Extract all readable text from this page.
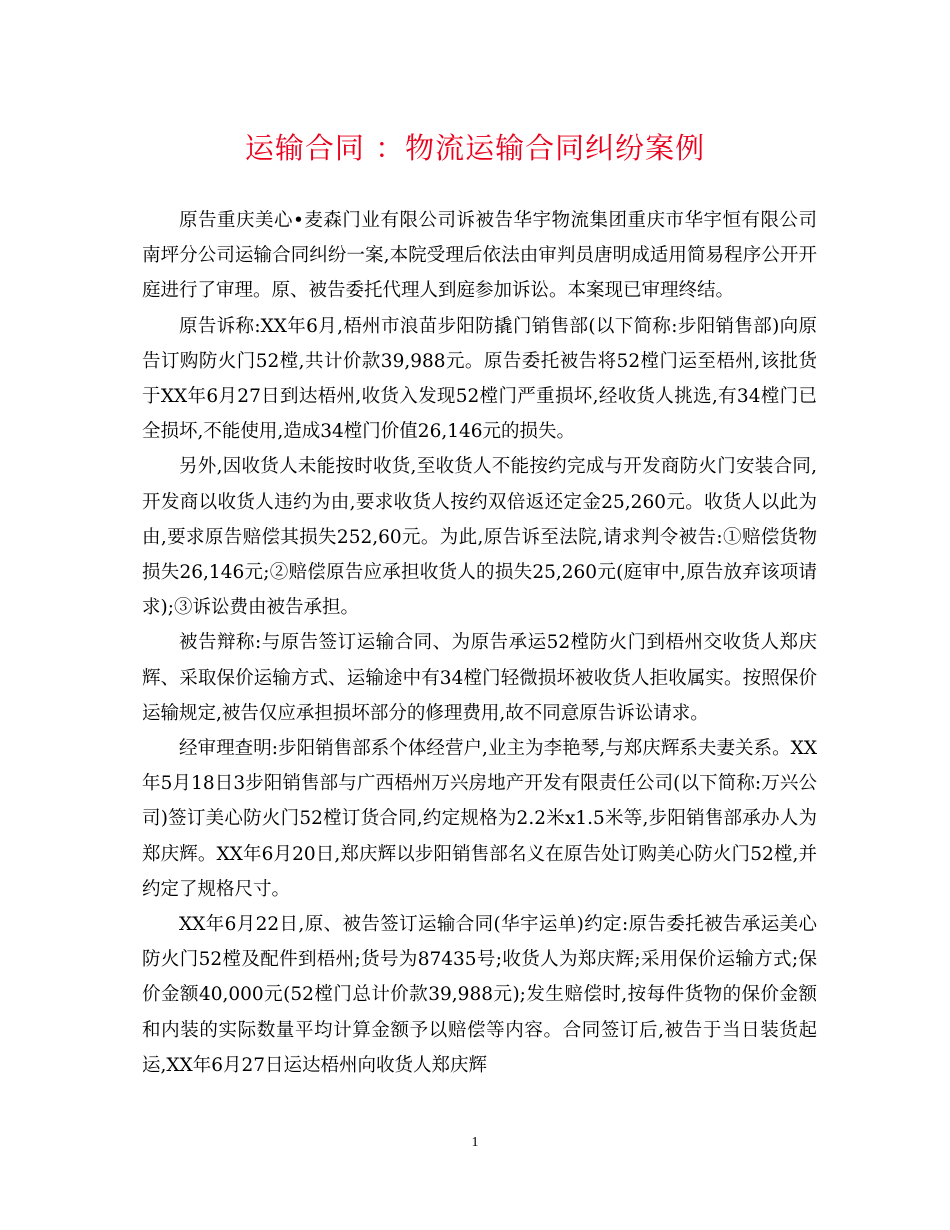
运输合同 ：物流运输合同纠纷案例

原告重庆美心•麦森门业有限公司诉被告华宇物流集团重庆市华宇恒有限公司南坪分公司运输合同纠纷一案,本院受理后依法由审判员唐明成适用简易程序公开开庭进行了审理。原、被告委托代理人到庭参加诉讼。本案现已审理终结。

原告诉称:XX年6月,梧州市浪苗步阳防撬门销售部(以下简称:步阳销售部)向原告订购防火门52樘,共计价款39,988元。原告委托被告将52樘门运至梧州,该批货于XX年6月27日到达梧州,收货入发现52樘门严重损坏,经收货人挑选,有34樘门已全损坏,不能使用,造成34樘门价值26,146元的损失。

另外,因收货人未能按时收货,至收货人不能按约完成与开发商防火门安装合同,开发商以收货人违约为由,要求收货人按约双倍返还定金25,260元。收货人以此为由,要求原告赔偿其损失252,60元。为此,原告诉至法院,请求判令被告:①赔偿货物损失26,146元;②赔偿原告应承担收货人的损失25,260元(庭审中,原告放弃该项请求);③诉讼费由被告承担。

被告辩称:与原告签订运输合同、为原告承运52樘防火门到梧州交收货人郑庆辉、采取保价运输方式、运输途中有34樘门轻微损坏被收货人拒收属实。按照保价运输规定,被告仅应承担损坏部分的修理费用,故不同意原告诉讼请求。

经审理查明:步阳销售部系个体经营户,业主为李艳琴,与郑庆辉系夫妻关系。XX年5月18日3步阳销售部与广西梧州万兴房地产开发有限责任公司(以下简称:万兴公司)签订美心防火门52樘订货合同,约定规格为2.2米x1.5米等,步阳销售部承办人为郑庆辉。XX年6月20日,郑庆辉以步阳销售部名义在原告处订购美心防火门52樘,并约定了规格尺寸。

XX年6月22日,原、被告签订运输合同(华宇运单)约定:原告委托被告承运美心防火门52樘及配件到梧州;货号为87435号;收货人为郑庆辉;采用保价运输方式;保价金额40,000元(52樘门总计价款39,988元);发生赔偿时,按每件货物的保价金额和内装的实际数量平均计算金额予以赔偿等内容。合同签订后,被告于当日装货起运,XX年6月27日运达梧州向收货人郑庆辉

1
